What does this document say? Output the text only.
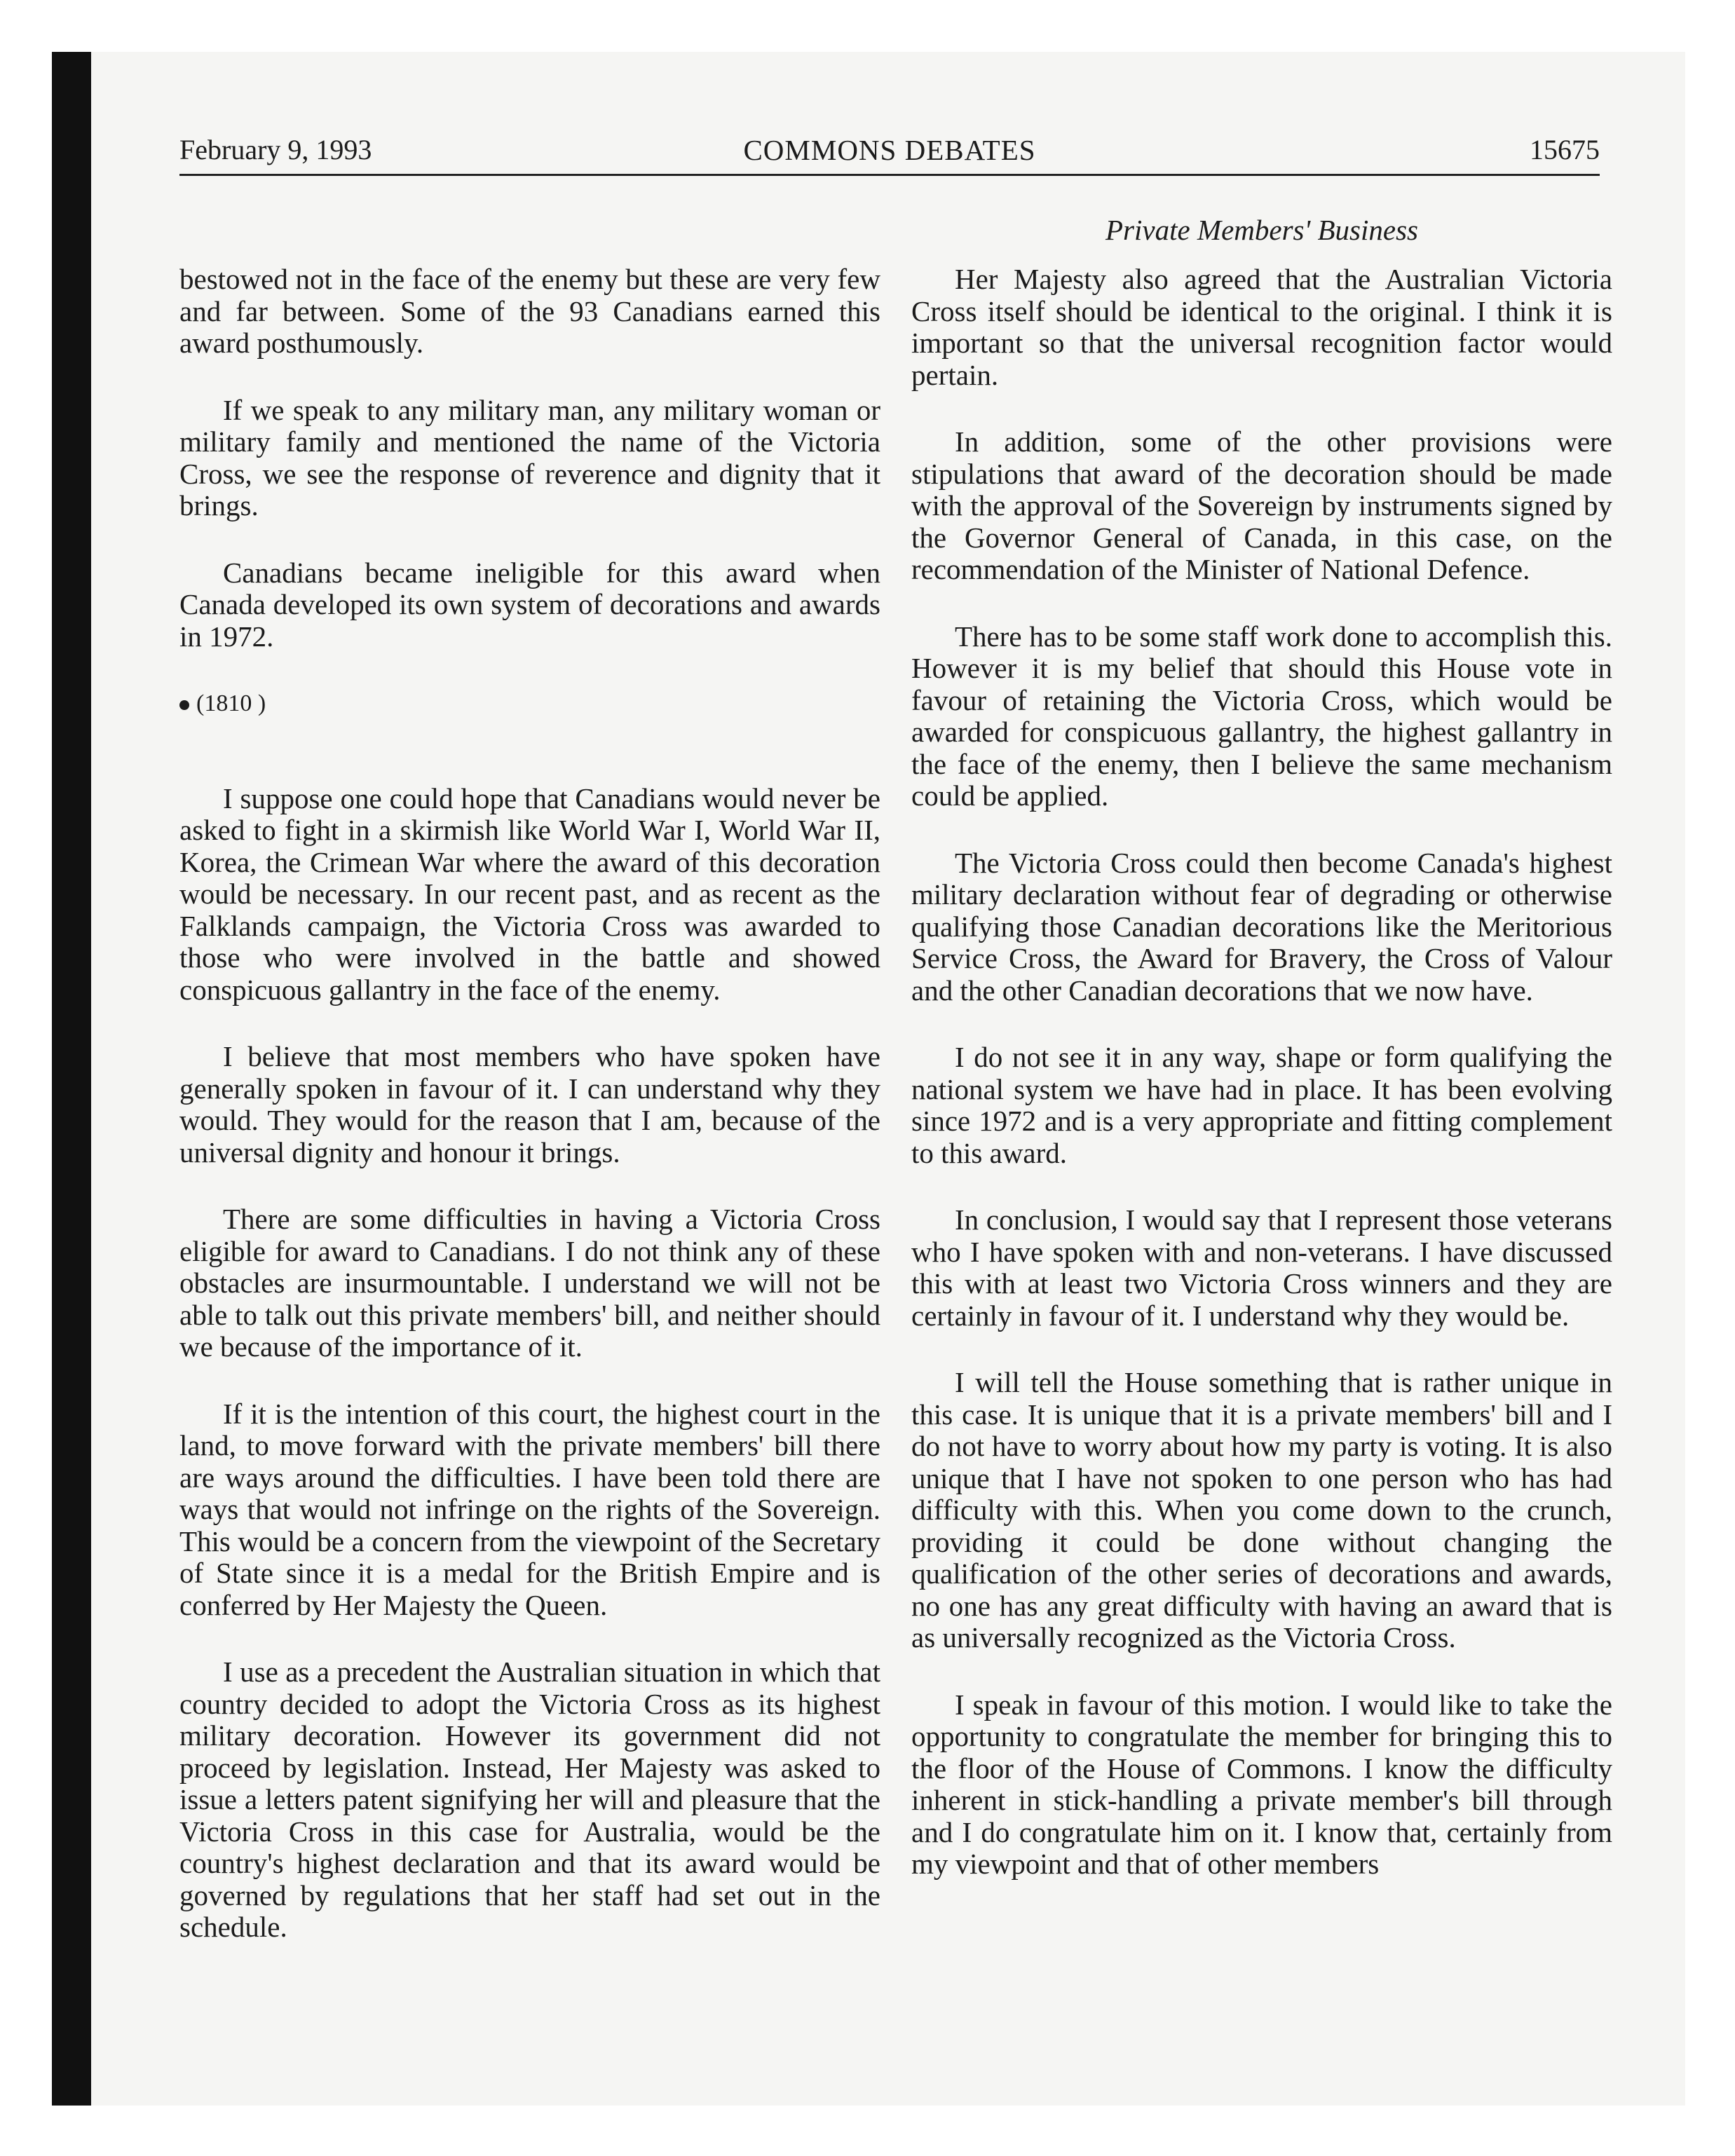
February 9, 1993	COMMONS DEBATES	15675

bestowed not in the face of the enemy but these are very few and far between. Some of the 93 Canadians earned this award posthumously.

If we speak to any military man, any military woman or military family and mentioned the name of the Victoria Cross, we see the response of reverence and dignity that it brings.

Canadians became ineligible for this award when Canada developed its own system of decorations and awards in 1972.

(1810 )

I suppose one could hope that Canadians would never be asked to fight in a skirmish like World War I, World War II, Korea, the Crimean War where the award of this decoration would be necessary. In our recent past, and as recent as the Falklands campaign, the Victoria Cross was awarded to those who were involved in the battle and showed conspicuous gallantry in the face of the enemy.

I believe that most members who have spoken have generally spoken in favour of it. I can understand why they would. They would for the reason that I am, because of the universal dignity and honour it brings.

There are some difficulties in having a Victoria Cross eligible for award to Canadians. I do not think any of these obstacles are insurmountable. I understand we will not be able to talk out this private members' bill, and neither should we because of the importance of it.

If it is the intention of this court, the highest court in the land, to move forward with the private members' bill there are ways around the difficulties. I have been told there are ways that would not infringe on the rights of the Sovereign. This would be a concern from the viewpoint of the Secretary of State since it is a medal for the British Empire and is conferred by Her Majesty the Queen.

I use as a precedent the Australian situation in which that country decided to adopt the Victoria Cross as its highest military decoration. However its government did not proceed by legislation. Instead, Her Majesty was asked to issue a letters patent signifying her will and pleasure that the Victoria Cross in this case for Australia, would be the country's highest declaration and that its award would be governed by regulations that her staff had set out in the schedule.

Private Members' Business

Her Majesty also agreed that the Australian Victoria Cross itself should be identical to the original. I think it is important so that the universal recognition factor would pertain.

In addition, some of the other provisions were stipulations that award of the decoration should be made with the approval of the Sovereign by instruments signed by the Governor General of Canada, in this case, on the recommendation of the Minister of National Defence.

There has to be some staff work done to accomplish this. However it is my belief that should this House vote in favour of retaining the Victoria Cross, which would be awarded for conspicuous gallantry, the highest gallantry in the face of the enemy, then I believe the same mechanism could be applied.

The Victoria Cross could then become Canada's highest military declaration without fear of degrading or otherwise qualifying those Canadian decorations like the Meritorious Service Cross, the Award for Bravery, the Cross of Valour and the other Canadian decorations that we now have.

I do not see it in any way, shape or form qualifying the national system we have had in place. It has been evolving since 1972 and is a very appropriate and fitting complement to this award.

In conclusion, I would say that I represent those veterans who I have spoken with and non-veterans. I have discussed this with at least two Victoria Cross winners and they are certainly in favour of it. I understand why they would be.

I will tell the House something that is rather unique in this case. It is unique that it is a private members' bill and I do not have to worry about how my party is voting. It is also unique that I have not spoken to one person who has had difficulty with this. When you come down to the crunch, providing it could be done without changing the qualification of the other series of decorations and awards, no one has any great difficulty with having an award that is as universally recognized as the Victoria Cross.

I speak in favour of this motion. I would like to take the opportunity to congratulate the member for bringing this to the floor of the House of Commons. I know the difficulty inherent in stick-handling a private member's bill through and I do congratulate him on it. I know that, certainly from my viewpoint and that of other members
